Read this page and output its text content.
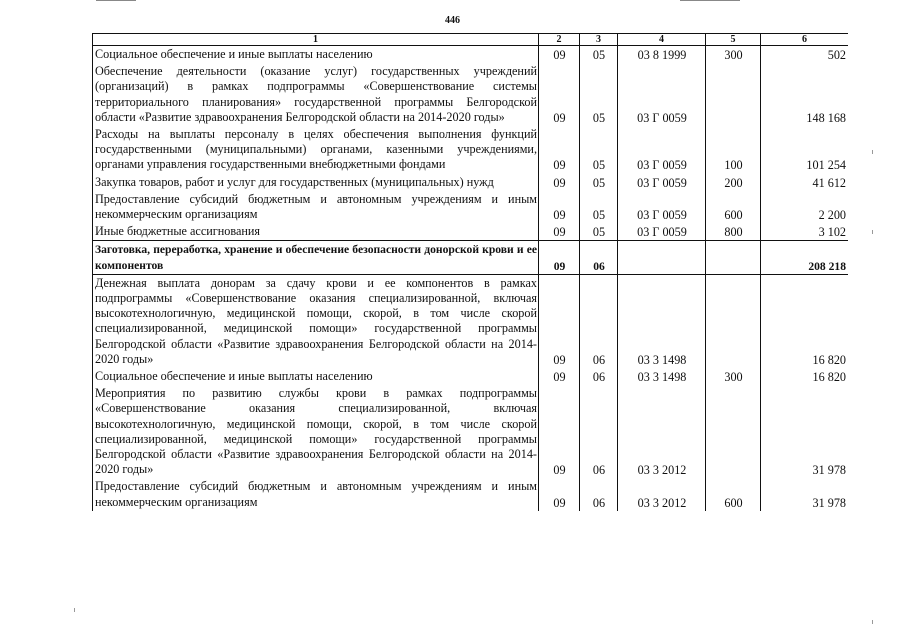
446
1	2	3	4	5	6
Социальное обеспечение и иные выплаты населению	09	05	03 8 1999	300	502
Обеспечение деятельности (оказание услуг) государственных учреждений (организаций) в рамках подпрограммы «Совершенствование системы территориального планирования» государственной программы Белгородской области «Развитие здравоохранения Белгородской области на 2014-2020 годы»	09	05	03 Г 0059		148 168
Расходы на выплаты персоналу в целях обеспечения выполнения функций государственными (муниципальными) органами, казенными учреждениями, органами управления государственными внебюджетными фондами	09	05	03 Г 0059	100	101 254
Закупка товаров, работ и услуг для государственных (муниципальных) нужд	09	05	03 Г 0059	200	41 612
Предоставление субсидий бюджетным и автономным учреждениям и иным некоммерческим организациям	09	05	03 Г 0059	600	2 200
Иные бюджетные ассигнования	09	05	03 Г 0059	800	3 102
Заготовка, переработка, хранение и обеспечение безопасности донорской крови и ее компонентов	09	06			208 218
Денежная выплата донорам за сдачу крови и ее компонентов в рамках подпрограммы «Совершенствование оказания специализированной, включая высокотехнологичную, медицинской помощи, скорой, в том числе скорой специализированной, медицинской помощи» государственной программы Белгородской области «Развитие здравоохранения Белгородской области на 2014-2020 годы»	09	06	03 3 1498		16 820
Социальное обеспечение и иные выплаты населению	09	06	03 3 1498	300	16 820
Мероприятия по развитию службы крови в рамках подпрограммы «Совершенствование оказания специализированной, включая высокотехнологичную, медицинской помощи, скорой, в том числе скорой специализированной, медицинской помощи» государственной программы Белгородской области «Развитие здравоохранения Белгородской области на 2014-2020 годы»	09	06	03 3 2012		31 978
Предоставление субсидий бюджетным и автономным учреждениям и иным некоммерческим организациям	09	06	03 3 2012	600	31 978
